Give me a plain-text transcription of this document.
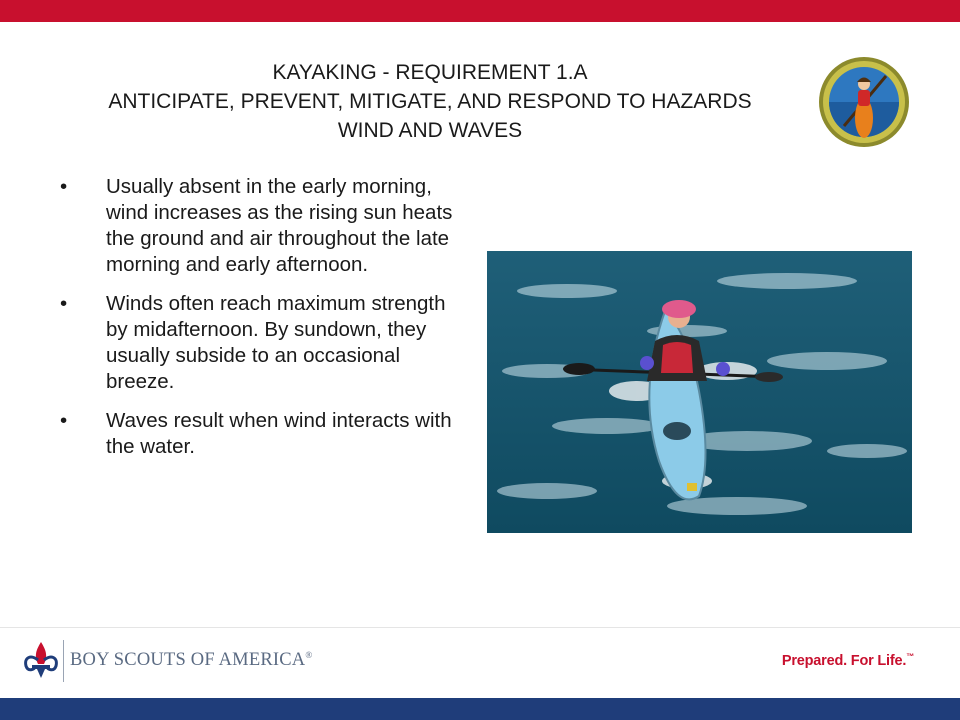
KAYAKING - REQUIREMENT 1.A
ANTICIPATE, PREVENT, MITIGATE, AND RESPOND TO HAZARDS
WIND AND WAVES
• Usually absent in the early morning, wind increases as the rising sun heats the ground and air throughout the late morning and early afternoon.
• Winds often reach maximum strength by midafternoon. By sundown, they usually subside to an occasional breeze.
• Waves result when wind interacts with the water.
BOY SCOUTS OF AMERICA®	Prepared. For Life.™
